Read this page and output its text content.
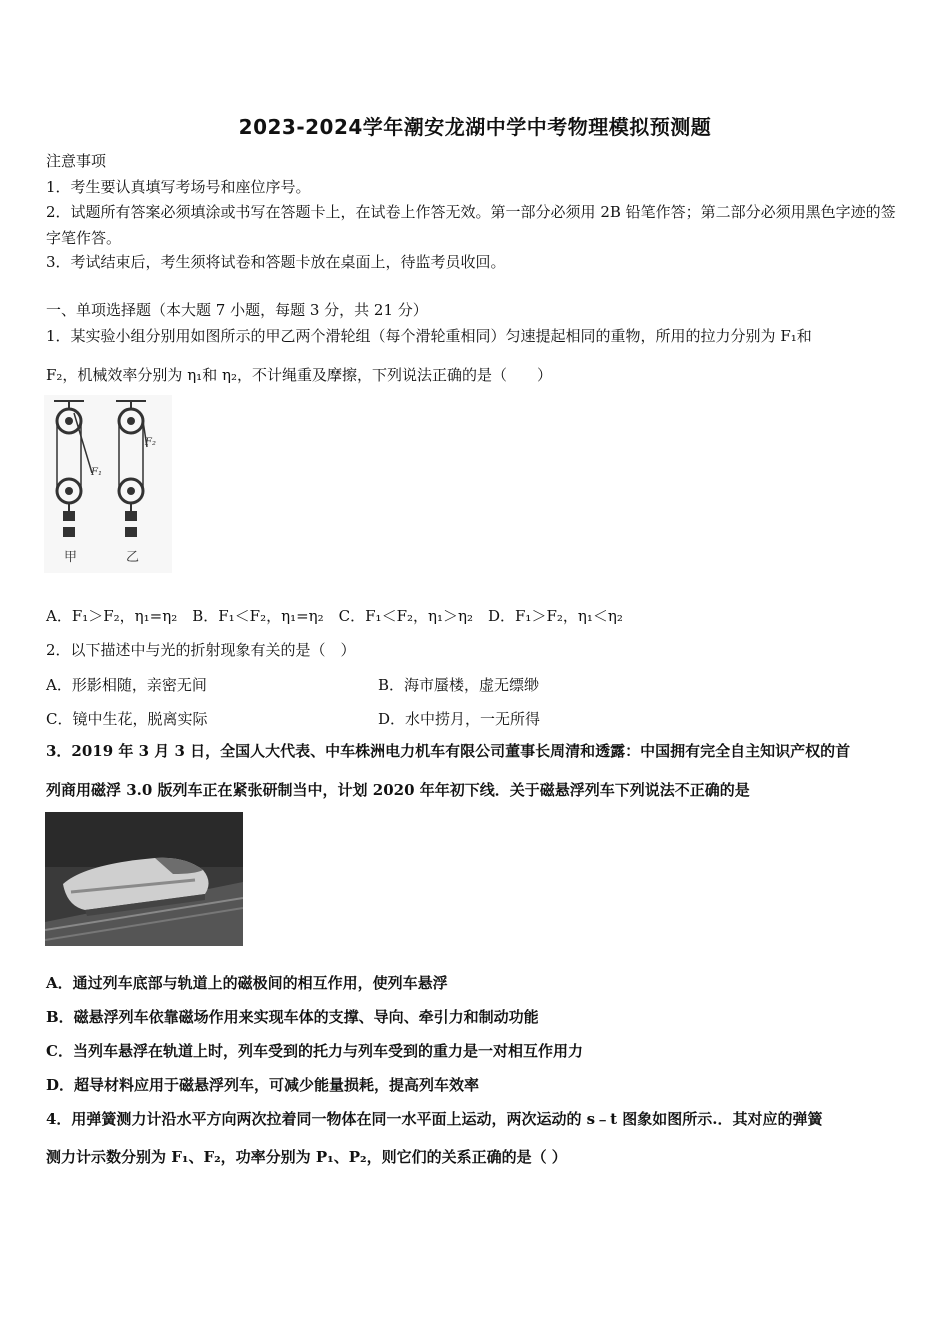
2023-2024学年潮安龙湖中学中考物理模拟预测题
注意事项
1．考生要认真填写考场号和座位序号。
2．试题所有答案必须填涂或书写在答题卡上，在试卷上作答无效。第一部分必须用 2B 铅笔作答；第二部分必须用黑色字迹的签字笔作答。
3．考试结束后，考生须将试卷和答题卡放在桌面上，待监考员收回。
一、单项选择题（本大题 7 小题，每题 3 分，共 21 分）
1．某实验小组分别用如图所示的甲乙两个滑轮组（每个滑轮重相同）匀速提起相同的重物，所用的拉力分别为 F₁和
F₂，机械效率分别为 η₁和 η₂，不计绳重及摩擦，下列说法正确的是（　　）
F₁
甲
F₂
乙
A．F₁＞F₂，η₁=η₂　B．F₁＜F₂，η₁=η₂　C．F₁＜F₂，η₁＞η₂　D．F₁＞F₂，η₁＜η₂
2．以下描述中与光的折射现象有关的是（　）
A．形影相随，亲密无间	B．海市蜃楼，虚无缥缈
C．镜中生花，脱离实际	D．水中捞月，一无所得
3．2019 年 3 月 3 日，全国人大代表、中车株洲电力机车有限公司董事长周清和透露：中国拥有完全自主知识产权的首
列商用磁浮 3.0 版列车正在紧张研制当中，计划 2020 年年初下线．关于磁悬浮列车下列说法不正确的是
A．通过列车底部与轨道上的磁极间的相互作用，使列车悬浮
B．磁悬浮列车依靠磁场作用来实现车体的支撑、导向、牵引力和制动功能
C．当列车悬浮在轨道上时，列车受到的托力与列车受到的重力是一对相互作用力
D．超导材料应用于磁悬浮列车，可减少能量损耗，提高列车效率
4．用弹簧测力计沿水平方向两次拉着同一物体在同一水平面上运动，两次运动的 s﹣t 图象如图所示.．其对应的弹簧
测力计示数分别为 F₁、F₂，功率分别为 P₁、P₂，则它们的关系正确的是（ ）
